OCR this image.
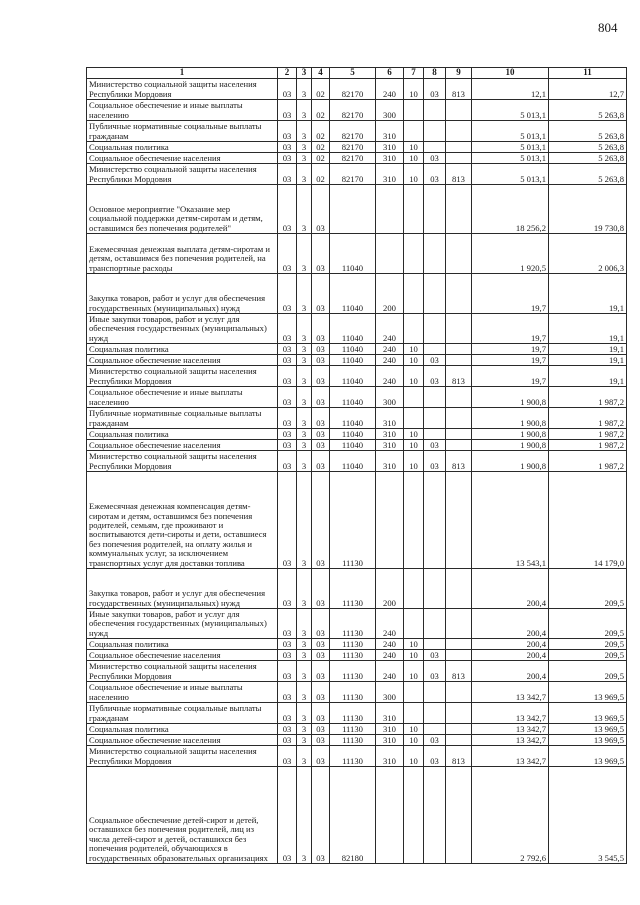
804
1	2	3	4	5	6	7	8	9	10	11
Министерство социальной защиты населения Республики Мордовия	03	3	02	82170	240	10	03	813	12,1	12,7
Социальное обеспечение и иные выплаты населению	03	3	02	82170	300				5 013,1	5 263,8
Публичные нормативные социальные выплаты гражданам	03	3	02	82170	310				5 013,1	5 263,8
Социальная политика	03	3	02	82170	310	10			5 013,1	5 263,8
Социальное обеспечение населения	03	3	02	82170	310	10	03		5 013,1	5 263,8
Министерство социальной защиты населения Республики Мордовия	03	3	02	82170	310	10	03	813	5 013,1	5 263,8
Основное мероприятие "Оказание мер социальной поддержки детям-сиротам и детям, оставшимся без попечения родителей"	03	3	03						18 256,2	19 730,8
Ежемесячная денежная выплата детям-сиротам и детям, оставшимся без попечения родителей, на транспортные расходы	03	3	03	11040					1 920,5	2 006,3
Закупка товаров, работ и услуг для обеспечения государственных (муниципальных) нужд	03	3	03	11040	200				19,7	19,1
Иные закупки товаров, работ и услуг для обеспечения государственных (муниципальных) нужд	03	3	03	11040	240				19,7	19,1
Социальная политика	03	3	03	11040	240	10			19,7	19,1
Социальное обеспечение населения	03	3	03	11040	240	10	03		19,7	19,1
Министерство социальной защиты населения Республики Мордовия	03	3	03	11040	240	10	03	813	19,7	19,1
Социальное обеспечение и иные выплаты населению	03	3	03	11040	300				1 900,8	1 987,2
Публичные нормативные социальные выплаты гражданам	03	3	03	11040	310				1 900,8	1 987,2
Социальная политика	03	3	03	11040	310	10			1 900,8	1 987,2
Социальное обеспечение населения	03	3	03	11040	310	10	03		1 900,8	1 987,2
Министерство социальной защиты населения Республики Мордовия	03	3	03	11040	310	10	03	813	1 900,8	1 987,2
Ежемесячная денежная компенсация детям-сиротам и детям, оставшимся без попечения родителей, семьям, где проживают и воспитываются дети-сироты и дети, оставшиеся без попечения родителей, на оплату жилья и коммунальных услуг, за исключением транспортных услуг для доставки топлива	03	3	03	11130					13 543,1	14 179,0
Закупка товаров, работ и услуг для обеспечения государственных (муниципальных) нужд	03	3	03	11130	200				200,4	209,5
Иные закупки товаров, работ и услуг для обеспечения государственных (муниципальных) нужд	03	3	03	11130	240				200,4	209,5
Социальная политика	03	3	03	11130	240	10			200,4	209,5
Социальное обеспечение населения	03	3	03	11130	240	10	03		200,4	209,5
Министерство социальной защиты населения Республики Мордовия	03	3	03	11130	240	10	03	813	200,4	209,5
Социальное обеспечение и иные выплаты населению	03	3	03	11130	300				13 342,7	13 969,5
Публичные нормативные социальные выплаты гражданам	03	3	03	11130	310				13 342,7	13 969,5
Социальная политика	03	3	03	11130	310	10			13 342,7	13 969,5
Социальное обеспечение населения	03	3	03	11130	310	10	03		13 342,7	13 969,5
Министерство социальной защиты населения Республики Мордовия	03	3	03	11130	310	10	03	813	13 342,7	13 969,5
Социальное обеспечение детей-сирот и детей, оставшихся без попечения родителей, лиц из числа детей-сирот и детей, оставшихся без попечения родителей, обучающихся в государственных образовательных организациях	03	3	03	82180					2 792,6	3 545,5
